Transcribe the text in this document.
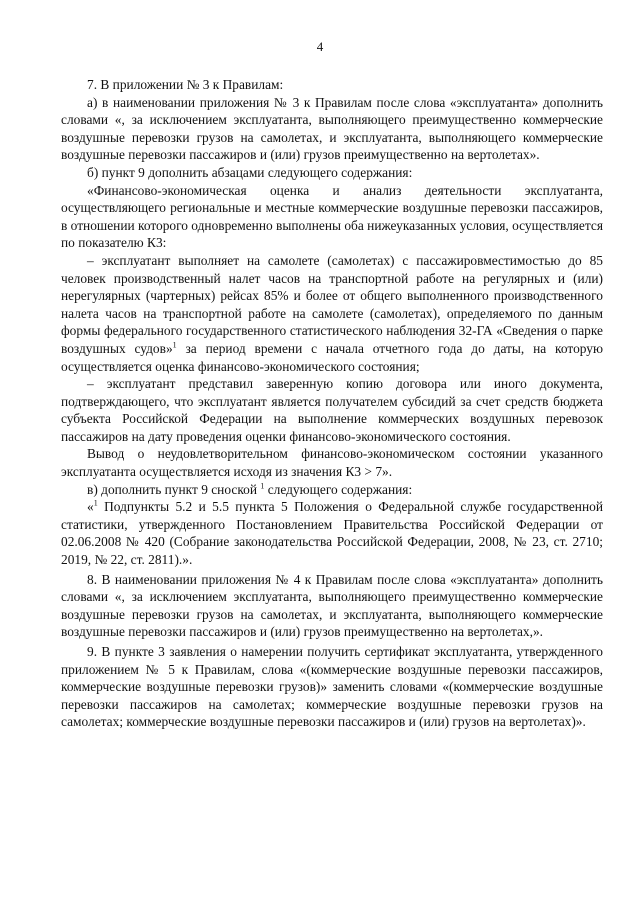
4

7. В приложении № 3 к Правилам:

а) в наименовании приложения № 3 к Правилам после слова «эксплуатанта» дополнить словами «, за исключением эксплуатанта, выполняющего преимущественно коммерческие воздушные перевозки грузов на самолетах, и эксплуатанта, выполняющего коммерческие воздушные перевозки пассажиров и (или) грузов преимущественно на вертолетах».

б) пункт 9 дополнить абзацами следующего содержания:

«Финансово-экономическая оценка и анализ деятельности эксплуатанта, осуществляющего региональные и местные коммерческие воздушные перевозки пассажиров, в отношении которого одновременно выполнены оба нижеуказанных условия, осуществляется по показателю К3:

– эксплуатант выполняет на самолете (самолетах) с пассажировместимостью до 85 человек производственный налет часов на транспортной работе на регулярных и (или) нерегулярных (чартерных) рейсах 85% и более от общего выполненного производственного налета часов на транспортной работе на самолете (самолетах), определяемого по данным формы федерального государственного статистического наблюдения 32-ГА «Сведения о парке воздушных судов»$^1$ за период времени с начала отчетного года до даты, на которую осуществляется оценка финансово-экономического состояния;

– эксплуатант представил заверенную копию договора или иного документа, подтверждающего, что эксплуатант является получателем субсидий за счет средств бюджета субъекта Российской Федерации на выполнение коммерческих воздушных перевозок пассажиров на дату проведения оценки финансово-экономического состояния.

Вывод о неудовлетворительном финансово-экономическом состоянии указанного эксплуатанта осуществляется исходя из значения К3 > 7».

в) дополнить пункт 9 сноской $^1$ следующего содержания:

«$^1$ Подпункты 5.2 и 5.5 пункта 5 Положения о Федеральной службе государственной статистики, утвержденного Постановлением Правительства Российской Федерации от 02.06.2008 № 420 (Собрание законодательства Российской Федерации, 2008, № 23, ст. 2710; 2019, № 22, ст. 2811).».

8. В наименовании приложения № 4 к Правилам после слова «эксплуатанта» дополнить словами «, за исключением эксплуатанта, выполняющего преимущественно коммерческие воздушные перевозки грузов на самолетах, и эксплуатанта, выполняющего коммерческие воздушные перевозки пассажиров и (или) грузов преимущественно на вертолетах,».

9. В пункте 3 заявления о намерении получить сертификат эксплуатанта, утвержденного приложением № 5 к Правилам, слова «(коммерческие воздушные перевозки пассажиров, коммерческие воздушные перевозки грузов)» заменить словами «(коммерческие воздушные перевозки пассажиров на самолетах; коммерческие воздушные перевозки грузов на самолетах; коммерческие воздушные перевозки пассажиров и (или) грузов на вертолетах)».
